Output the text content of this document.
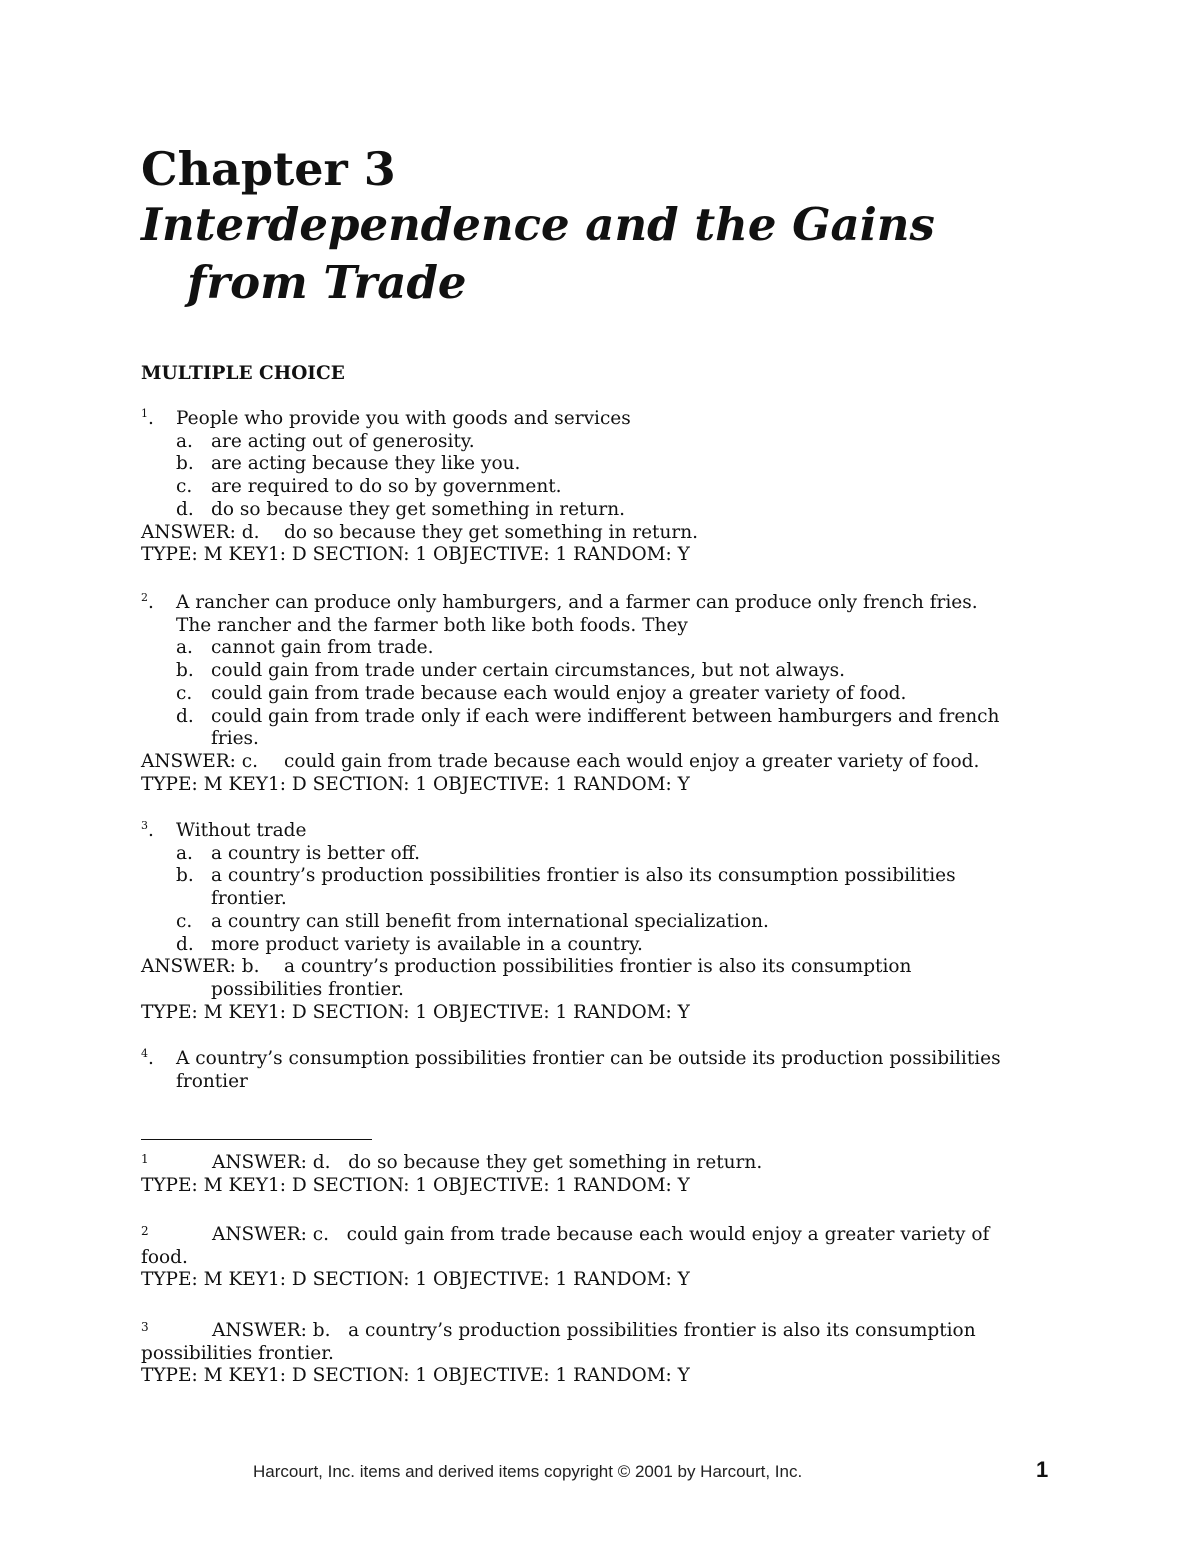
Chapter 3
Interdependence and the Gains
from Trade
MULTIPLE CHOICE
$^1$. People who provide you with goods and services
a. are acting out of generosity.
b. are acting because they like you.
c. are required to do so by government.
d. do so because they get something in return.
ANSWER: d. do so because they get something in return.
TYPE: M KEY1: D SECTION: 1 OBJECTIVE: 1 RANDOM: Y
$^2$. A rancher can produce only hamburgers, and a farmer can produce only french fries.
The rancher and the farmer both like both foods. They
a. cannot gain from trade.
b. could gain from trade under certain circumstances, but not always.
c. could gain from trade because each would enjoy a greater variety of food.
d. could gain from trade only if each were indifferent between hamburgers and french
fries.
ANSWER: c. could gain from trade because each would enjoy a greater variety of food.
TYPE: M KEY1: D SECTION: 1 OBJECTIVE: 1 RANDOM: Y
$^3$. Without trade
a. a country is better off.
b. a country’s production possibilities frontier is also its consumption possibilities
frontier.
c. a country can still benefit from international specialization.
d. more product variety is available in a country.
ANSWER: b. a country’s production possibilities frontier is also its consumption
possibilities frontier.
TYPE: M KEY1: D SECTION: 1 OBJECTIVE: 1 RANDOM: Y
$^4$. A country’s consumption possibilities frontier can be outside its production possibilities
frontier
1	ANSWER: d.   do so because they get something in return.
TYPE: M KEY1: D SECTION: 1 OBJECTIVE: 1 RANDOM: Y
2	ANSWER: c.   could gain from trade because each would enjoy a greater variety of
food.
TYPE: M KEY1: D SECTION: 1 OBJECTIVE: 1 RANDOM: Y
3	ANSWER: b.   a country’s production possibilities frontier is also its consumption
possibilities frontier.
TYPE: M KEY1: D SECTION: 1 OBJECTIVE: 1 RANDOM: Y
Harcourt, Inc. items and derived items copyright © 2001 by Harcourt, Inc.	1
